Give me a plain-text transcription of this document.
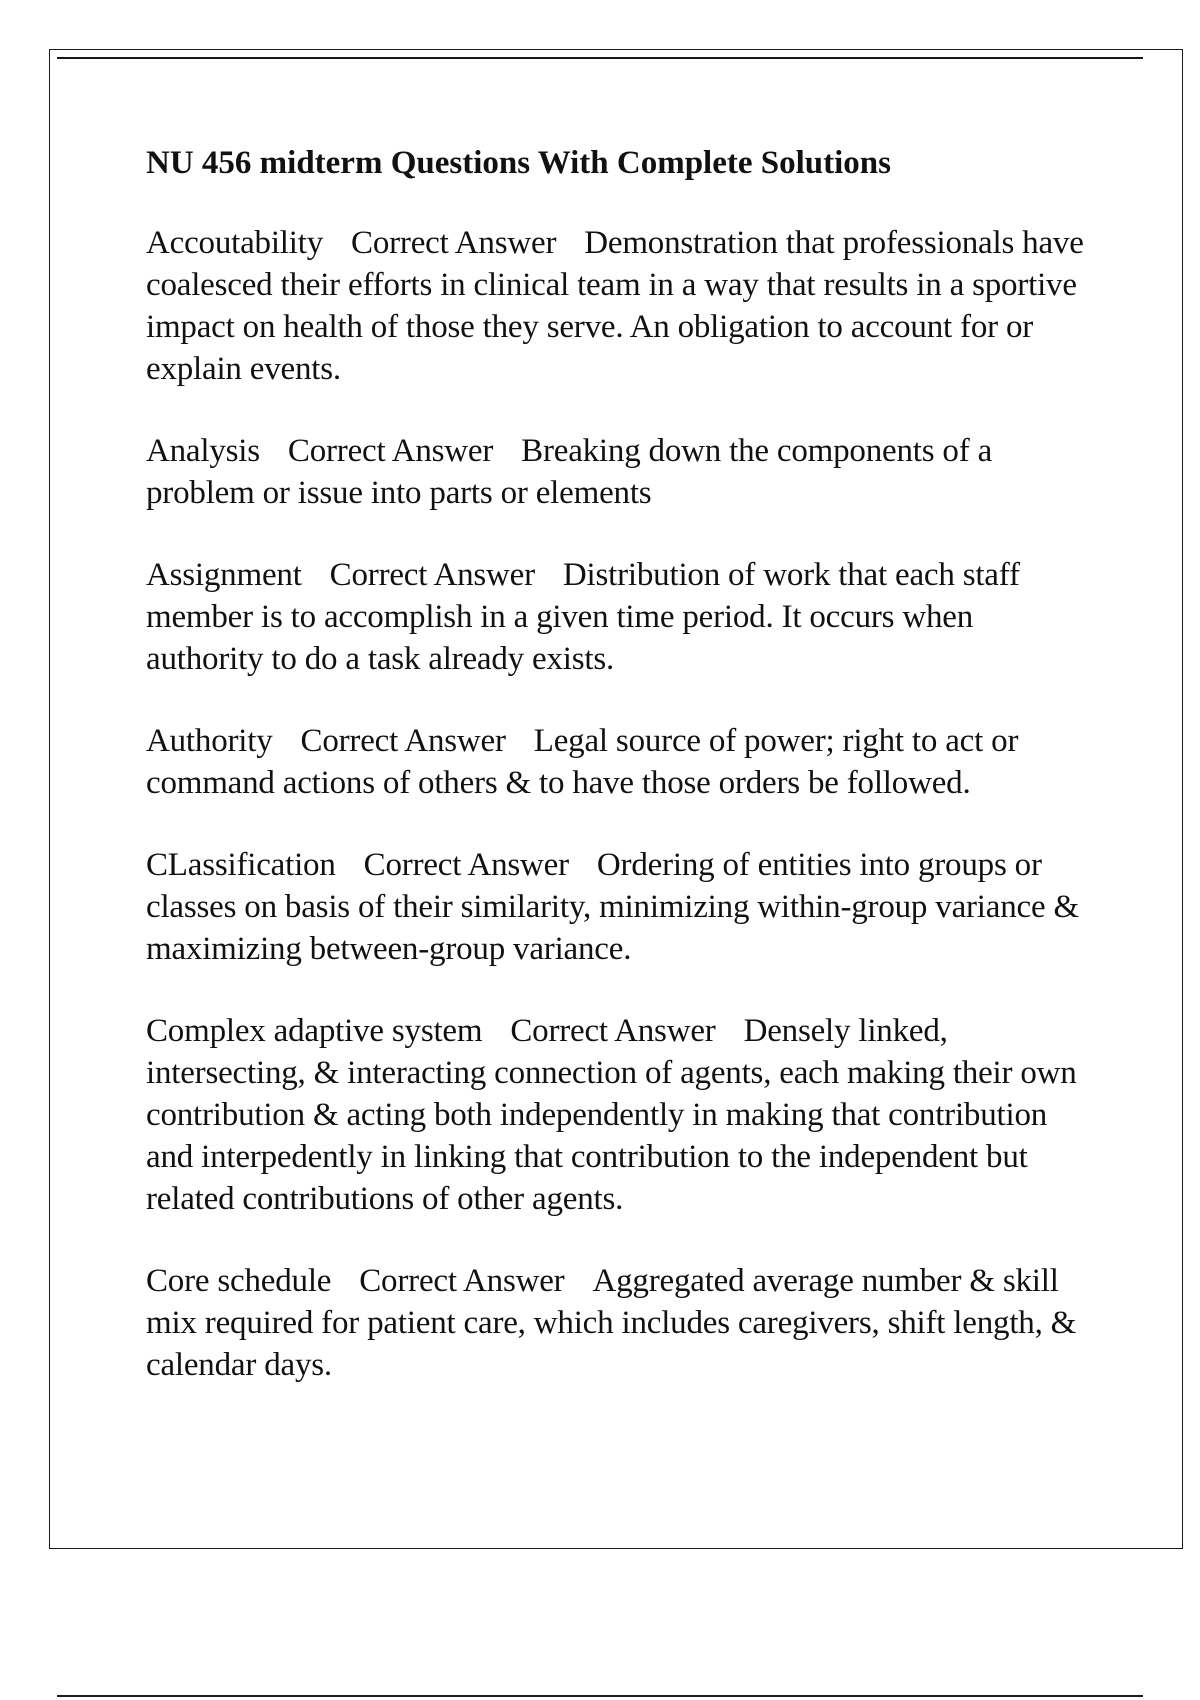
NU 456 midterm Questions With Complete Solutions

Accoutability Correct Answer Demonstration that professionals have coalesced their efforts in clinical team in a way that results in a sportive impact on health of those they serve. An obligation to account for or explain events.

Analysis Correct Answer Breaking down the components of a problem or issue into parts or elements

Assignment Correct Answer Distribution of work that each staff member is to accomplish in a given time period. It occurs when authority to do a task already exists.

Authority Correct Answer Legal source of power; right to act or command actions of others & to have those orders be followed.

CLassification Correct Answer Ordering of entities into groups or classes on basis of their similarity, minimizing within-group variance & maximizing between-group variance.

Complex adaptive system Correct Answer Densely linked, intersecting, & interacting connection of agents, each making their own contribution & acting both independently in making that contribution and interpedently in linking that contribution to the independent but related contributions of other agents.

Core schedule Correct Answer Aggregated average number & skill mix required for patient care, which includes caregivers, shift length, & calendar days.
